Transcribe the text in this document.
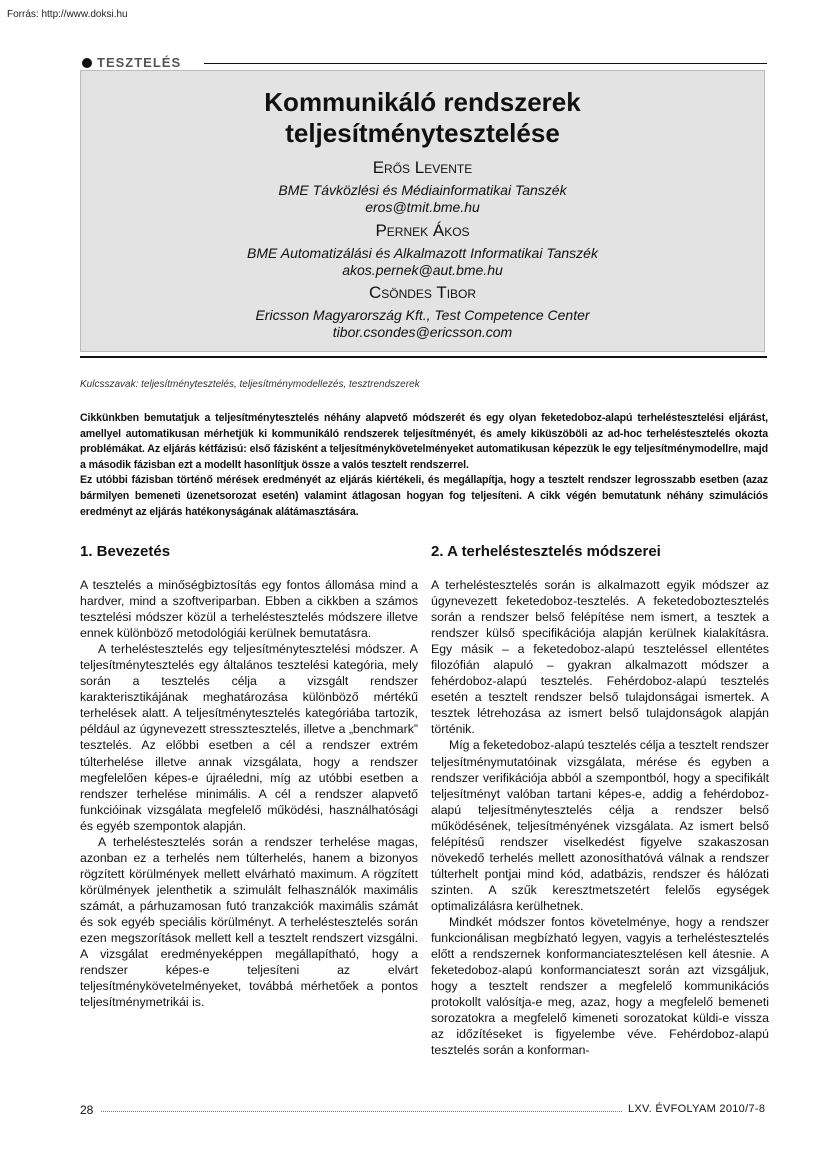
Forrás: http://www.doksi.hu
TESZTELÉS
Kommunikáló rendszerek
teljesítménytesztelése
Erős Levente
BME Távközlési és Médiainformatikai Tanszék
eros@tmit.bme.hu
Pernek Ákos
BME Automatizálási és Alkalmazott Informatikai Tanszék
akos.pernek@aut.bme.hu
Csöndes Tibor
Ericsson Magyarország Kft., Test Competence Center
tibor.csondes@ericsson.com
Kulcsszavak: teljesítménytesztelés, teljesítménymodellezés, tesztrendszerek

Cikkünkben bemutatjuk a teljesítménytesztelés néhány alapvető módszerét és egy olyan feketedoboz-alapú terheléstesztelési eljárást, amellyel automatikusan mérhetjük ki kommunikáló rendszerek teljesítményét, és amely kiküszöböli az ad-hoc terheléstesztelés okozta problémákat. Az eljárás kétfázisú: első fázisként a teljesítménykövetelményeket automatikusan képezzük le egy teljesítménymodellre, majd a második fázisban ezt a modellt hasonlítjuk össze a valós tesztelt rendszerrel.

Ez utóbbi fázisban történő mérések eredményét az eljárás kiértékeli, és megállapítja, hogy a tesztelt rendszer legrosszabb esetben (azaz bármilyen bemeneti üzenetsorozat esetén) valamint átlagosan hogyan fog teljesíteni. A cikk végén bemutatunk néhány szimulációs eredményt az eljárás hatékonyságának alátámasztására.

1. Bevezetés	2. A terheléstesztelés módszerei

A tesztelés a minőségbiztosítás egy fontos állomása mind a hardver, mind a szoftveriparban. Ebben a cikkben a számos tesztelési módszer közül a terheléstesztelés módszere illetve ennek különböző metodológiái kerülnek bemutatásra.

A terheléstesztelés egy teljesítménytesztelési módszer. A teljesítménytesztelés egy általános tesztelési kategória, mely során a tesztelés célja a vizsgált rendszer karakterisztikájának meghatározása különböző mértékű terhelések alatt. A teljesítménytesztelés kategóriába tartozik, például az úgynevezett stressztesztelés, illetve a „benchmark” tesztelés. Az előbbi esetben a cél a rendszer extrém túlterhelése illetve annak vizsgálata, hogy a rendszer megfelelően képes-e újraéledni, míg az utóbbi esetben a rendszer terhelése minimális. A cél a rendszer alapvető funkcióinak vizsgálata megfelelő működési, használhatósági és egyéb szempontok alapján.

A terheléstesztelés során a rendszer terhelése magas, azonban ez a terhelés nem túlterhelés, hanem a bizonyos rögzített körülmények mellett elvárható maximum. A rögzített körülmények jelenthetik a szimulált felhasználók maximális számát, a párhuzamosan futó tranzakciók maximális számát és sok egyéb speciális körülményt. A terheléstesztelés során ezen megszorítások mellett kell a tesztelt rendszert vizsgálni. A vizsgálat eredményeképpen megállapítható, hogy a rendszer képes-e teljesíteni az elvárt teljesítménykövetelményeket, továbbá mérhetőek a pontos teljesítménymetrikái is.

A terheléstesztelés során is alkalmazott egyik módszer az úgynevezett feketedoboz-tesztelés. A feketedoboztesztelés során a rendszer belső felépítése nem ismert, a tesztek a rendszer külső specifikációja alapján kerülnek kialakításra. Egy másik – a feketedoboz-alapú teszteléssel ellentétes filozófián alapuló – gyakran alkalmazott módszer a fehérdoboz-alapú tesztelés. Fehérdoboz-alapú tesztelés esetén a tesztelt rendszer belső tulajdonságai ismertek. A tesztek létrehozása az ismert belső tulajdonságok alapján történik.

Míg a feketedoboz-alapú tesztelés célja a tesztelt rendszer teljesítménymutatóinak vizsgálata, mérése és egyben a rendszer verifikációja abból a szempontból, hogy a specifikált teljesítményt valóban tartani képes-e, addig a fehérdoboz-alapú teljesítménytesztelés célja a rendszer belső működésének, teljesítményének vizsgálata. Az ismert belső felépítésű rendszer viselkedést figyelve szakaszosan növekedő terhelés mellett azonosíthatóvá válnak a rendszer túlterhelt pontjai mind kód, adatbázis, rendszer és hálózati szinten. A szűk keresztmetszetért felelős egységek optimalizálásra kerülhetnek.

Mindkét módszer fontos követelménye, hogy a rendszer funkcionálisan megbízható legyen, vagyis a terheléstesztelés előtt a rendszernek konformanciatesztelésen kell átesnie. A feketedoboz-alapú konformanciateszt során azt vizsgáljuk, hogy a tesztelt rendszer a megfelelő kommunikációs protokollt valósítja-e meg, azaz, hogy a megfelelő bemeneti sorozatokra a megfelelő kimeneti sorozatokat küldi-e vissza az időzítéseket is figyelembe véve. Fehérdoboz-alapú tesztelés során a konforman-

28	LXV. ÉVFOLYAM 2010/7-8
